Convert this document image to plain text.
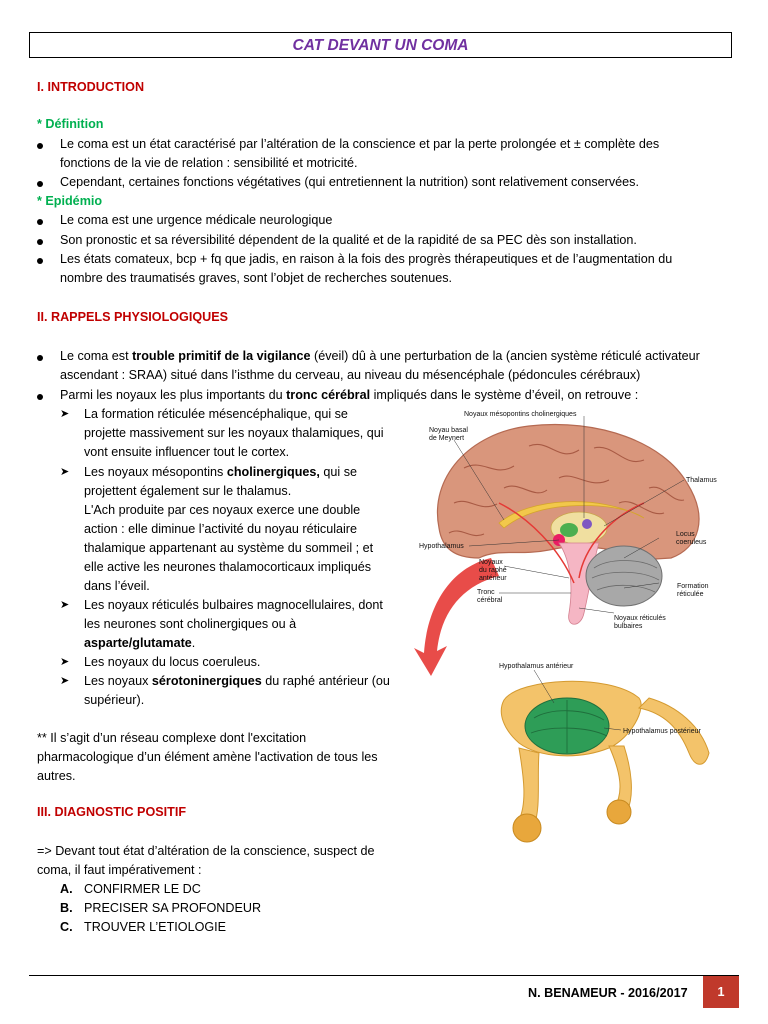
CAT DEVANT UN COMA
I. INTRODUCTION
* Définition
Le coma est un état caractérisé par l’altération de la conscience et par la perte prolongée et ± complète des
fonctions de la vie de relation : sensibilité et motricité.
Cependant, certaines fonctions végétatives (qui entretiennent la nutrition) sont relativement conservées.
* Epidémio
Le coma est une urgence médicale neurologique
Son pronostic et sa réversibilité dépendent de la qualité et de la rapidité de sa PEC dès son installation.
Les états comateux, bcp + fq que jadis, en raison à la fois des progrès thérapeutiques et de l’augmentation du
nombre des traumatisés graves, sont l’objet de recherches soutenues.
II. RAPPELS PHYSIOLOGIQUES
Le coma est trouble primitif de la vigilance (éveil) dû à une perturbation de la (ancien système réticulé activateur
ascendant : SRAA) situé dans l’isthme du cerveau, au niveau du mésencéphale (pédoncules cérébraux)
Parmi les noyaux les plus importants du tronc cérébral impliqués dans le système d’éveil, on retrouve :
➤ La formation réticulée mésencéphalique, qui se
projette massivement sur les noyaux thalamiques, qui
vont ensuite influencer tout le cortex.
➤ Les noyaux mésopontins cholinergiques, qui se
projettent également sur le thalamus.
L'Ach produite par ces noyaux exerce une double
action : elle diminue l’activité du noyau réticulaire
thalamique appartenant au système du sommeil ; et
elle active les neurones thalamocorticaux impliqués
dans l’éveil.
➤ Les noyaux réticulés bulbaires magnocellulaires, dont
les neurones sont cholinergiques ou à
asparte/glutamate.
➤ Les noyaux du locus coeruleus.
➤ Les noyaux sérotoninergiques du raphé antérieur (ou
supérieur).
** Il s’agit d’un réseau complexe dont l'excitation
pharmacologique d’un élément amène l'activation de tous les
autres.
III. DIAGNOSTIC POSITIF
=> Devant tout état d’altération de la conscience, suspect de
coma, il faut impérativement :
A. CONFIRMER LE DC
B. PRECISER SA PROFONDEUR
C. TROUVER L’ETIOLOGIE
Noyaux mésopontins cholinergiques
Noyau basal
de Meynert
Thalamus
Hypothalamus
Locus
coeruleus
Noyaux
du raphé
antérieur
Formation
réticulée
Tronc
cérébral
Noyaux réticulés
bulbaires
Hypothalamus antérieur
Hypothalamus postérieur
N. BENAMEUR - 2016/2017	1
